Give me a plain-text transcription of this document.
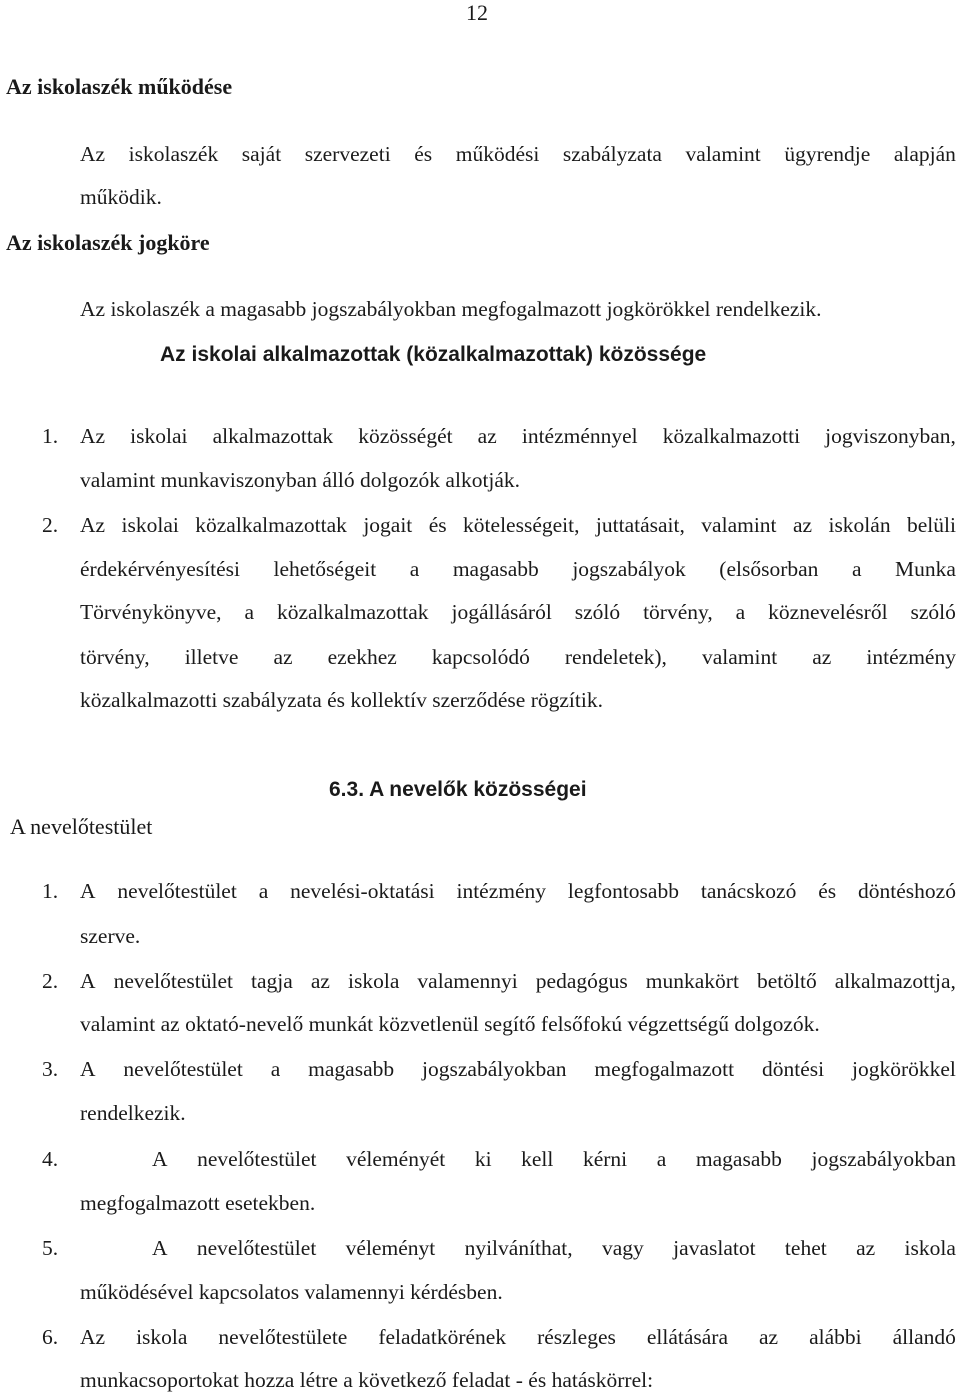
12
Az iskolaszék működése
Az iskolaszék saját szervezeti és működési szabályzata valamint ügyrendje alapján
működik.
Az iskolaszék jogköre
Az iskolaszék a magasabb jogszabályokban megfogalmazott jogkörökkel rendelkezik.
Az iskolai alkalmazottak (közalkalmazottak) közössége
1. Az iskolai alkalmazottak közösségét az intézménnyel közalkalmazotti jogviszonyban,
valamint munkaviszonyban álló dolgozók alkotják.
2. Az iskolai közalkalmazottak jogait és kötelességeit, juttatásait, valamint az iskolán belüli
érdekérvényesítési lehetőségeit a magasabb jogszabályok (elsősorban a Munka
Törvénykönyve, a közalkalmazottak jogállásáról szóló törvény, a köznevelésről szóló
törvény, illetve az ezekhez kapcsolódó rendeletek), valamint az intézmény
közalkalmazotti szabályzata és kollektív szerződése rögzítik.
6.3. A nevelők közösségei
A nevelőtestület
1. A nevelőtestület a nevelési-oktatási intézmény legfontosabb tanácskozó és döntéshozó
szerve.
2. A nevelőtestület tagja az iskola valamennyi pedagógus munkakört betöltő alkalmazottja,
valamint az oktató-nevelő munkát közvetlenül segítő felsőfokú végzettségű dolgozók.
3. A nevelőtestület a magasabb jogszabályokban megfogalmazott döntési jogkörökkel
rendelkezik.
4.	A nevelőtestület véleményét ki kell kérni a magasabb jogszabályokban
megfogalmazott esetekben.
5.	A nevelőtestület véleményt nyilváníthat, vagy javaslatot tehet az iskola
működésével kapcsolatos valamennyi kérdésben.
6. Az iskola nevelőtestülete feladatkörének részleges ellátására az alábbi állandó
munkacsoportokat hozza létre a következő feladat - és hatáskörrel:
